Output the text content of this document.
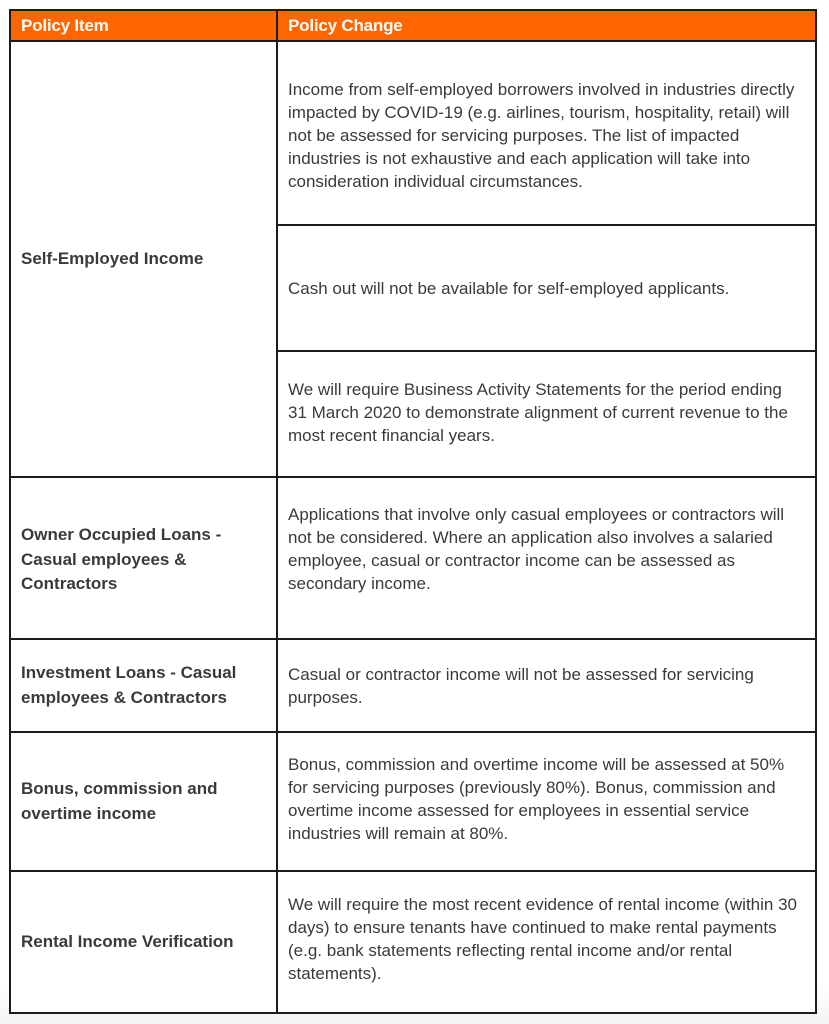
Policy Item	Policy Change
Self-Employed Income	Income from self-employed borrowers involved in industries directly impacted by COVID-19 (e.g. airlines, tourism, hospitality, retail) will not be assessed for servicing purposes. The list of impacted industries is not exhaustive and each application will take into consideration individual circumstances.
	Cash out will not be available for self-employed applicants.
	We will require Business Activity Statements for the period ending 31 March 2020 to demonstrate alignment of current revenue to the most recent financial years.
Owner Occupied Loans - Casual employees & Contractors	Applications that involve only casual employees or contractors will not be considered. Where an application also involves a salaried employee, casual or contractor income can be assessed as secondary income.
Investment Loans - Casual employees & Contractors	Casual or contractor income will not be assessed for servicing purposes.
Bonus, commission and overtime income	Bonus, commission and overtime income will be assessed at 50% for servicing purposes (previously 80%). Bonus, commission and overtime income assessed for employees in essential service industries will remain at 80%.
Rental Income Verification	We will require the most recent evidence of rental income (within 30 days) to ensure tenants have continued to make rental payments (e.g. bank statements reflecting rental income and/or rental statements).
